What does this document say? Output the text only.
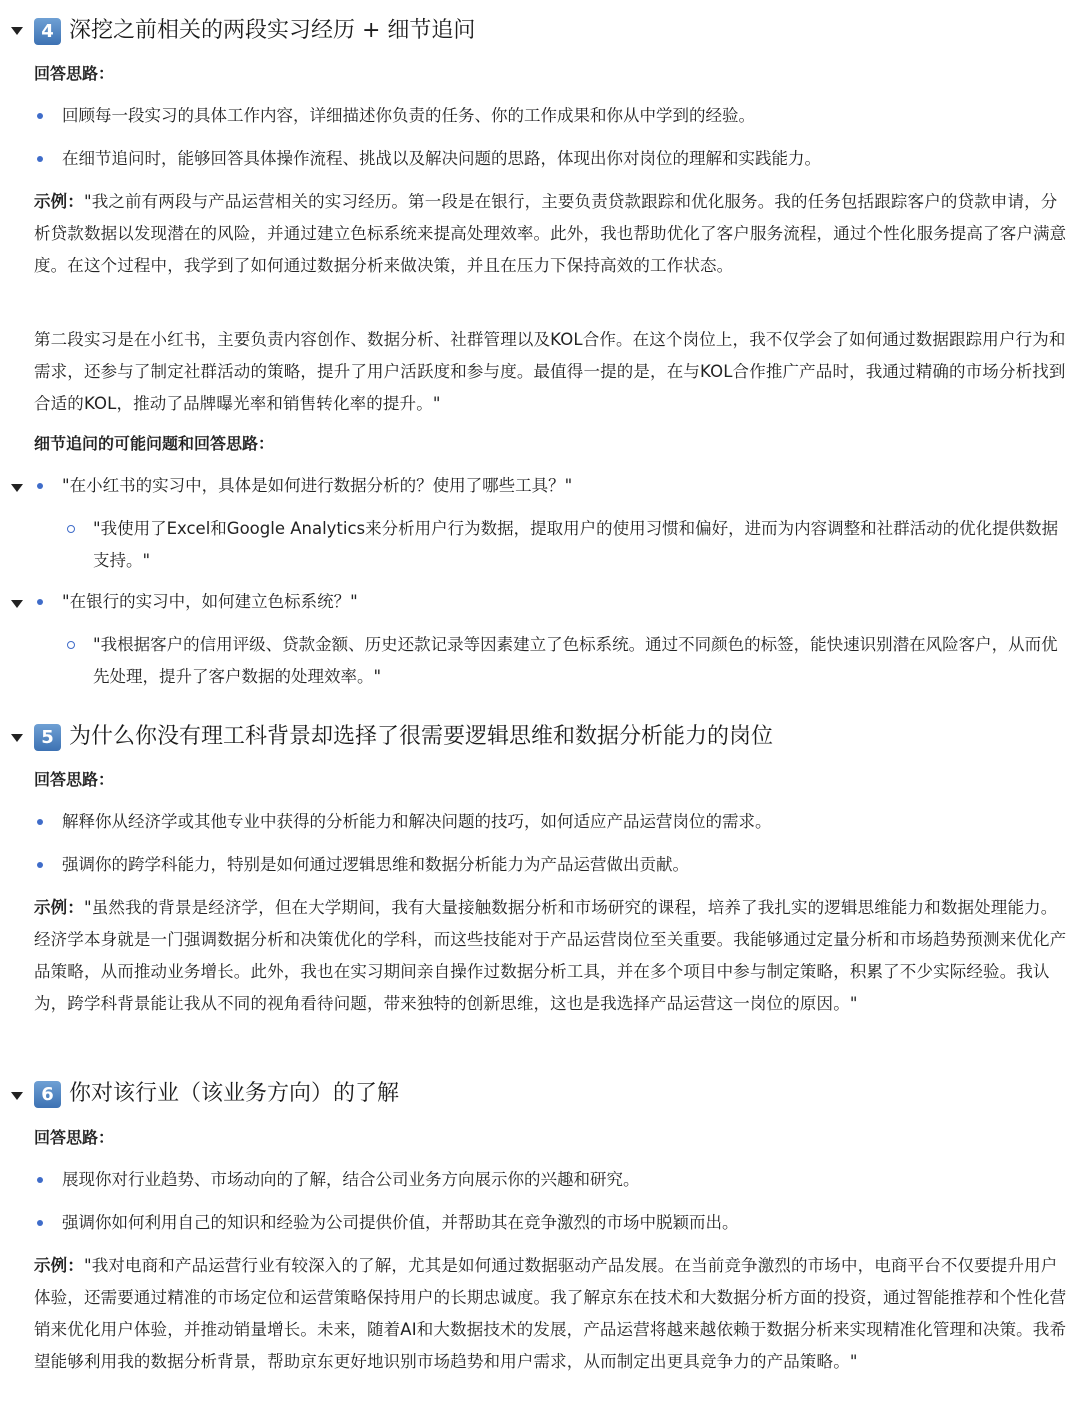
4 深挖之前相关的两段实习经历 + 细节追问
回答思路：
回顾每一段实习的具体工作内容，详细描述你负责的任务、你的工作成果和你从中学到的经验。
在细节追问时，能够回答具体操作流程、挑战以及解决问题的思路，体现出你对岗位的理解和实践能力。
示例："我之前有两段与产品运营相关的实习经历。第一段是在银行，主要负责贷款跟踪和优化服务。我的任务包括跟踪客户的贷款申请，分析贷款数据以发现潜在的风险，并通过建立色标系统来提高处理效率。此外，我也帮助优化了客户服务流程，通过个性化服务提高了客户满意度。在这个过程中，我学到了如何通过数据分析来做决策，并且在压力下保持高效的工作状态。
第二段实习是在小红书，主要负责内容创作、数据分析、社群管理以及KOL合作。在这个岗位上，我不仅学会了如何通过数据跟踪用户行为和需求，还参与了制定社群活动的策略，提升了用户活跃度和参与度。最值得一提的是，在与KOL合作推广产品时，我通过精确的市场分析找到合适的KOL，推动了品牌曝光率和销售转化率的提升。"
细节追问的可能问题和回答思路：
"在小红书的实习中，具体是如何进行数据分析的？使用了哪些工具？"
"我使用了Excel和Google Analytics来分析用户行为数据，提取用户的使用习惯和偏好，进而为内容调整和社群活动的优化提供数据支持。"
"在银行的实习中，如何建立色标系统？"
"我根据客户的信用评级、贷款金额、历史还款记录等因素建立了色标系统。通过不同颜色的标签，能快速识别潜在风险客户，从而优先处理，提升了客户数据的处理效率。"
5 为什么你没有理工科背景却选择了很需要逻辑思维和数据分析能力的岗位
回答思路：
解释你从经济学或其他专业中获得的分析能力和解决问题的技巧，如何适应产品运营岗位的需求。
强调你的跨学科能力，特别是如何通过逻辑思维和数据分析能力为产品运营做出贡献。
示例："虽然我的背景是经济学，但在大学期间，我有大量接触数据分析和市场研究的课程，培养了我扎实的逻辑思维能力和数据处理能力。经济学本身就是一门强调数据分析和决策优化的学科，而这些技能对于产品运营岗位至关重要。我能够通过定量分析和市场趋势预测来优化产品策略，从而推动业务增长。此外，我也在实习期间亲自操作过数据分析工具，并在多个项目中参与制定策略，积累了不少实际经验。我认为，跨学科背景能让我从不同的视角看待问题，带来独特的创新思维，这也是我选择产品运营这一岗位的原因。"
6 你对该行业（该业务方向）的了解
回答思路：
展现你对行业趋势、市场动向的了解，结合公司业务方向展示你的兴趣和研究。
强调你如何利用自己的知识和经验为公司提供价值，并帮助其在竞争激烈的市场中脱颖而出。
示例："我对电商和产品运营行业有较深入的了解，尤其是如何通过数据驱动产品发展。在当前竞争激烈的市场中，电商平台不仅要提升用户体验，还需要通过精准的市场定位和运营策略保持用户的长期忠诚度。我了解京东在技术和大数据分析方面的投资，通过智能推荐和个性化营销来优化用户体验，并推动销量增长。未来，随着AI和大数据技术的发展，产品运营将越来越依赖于数据分析来实现精准化管理和决策。我希望能够利用我的数据分析背景，帮助京东更好地识别市场趋势和用户需求，从而制定出更具竞争力的产品策略。"
